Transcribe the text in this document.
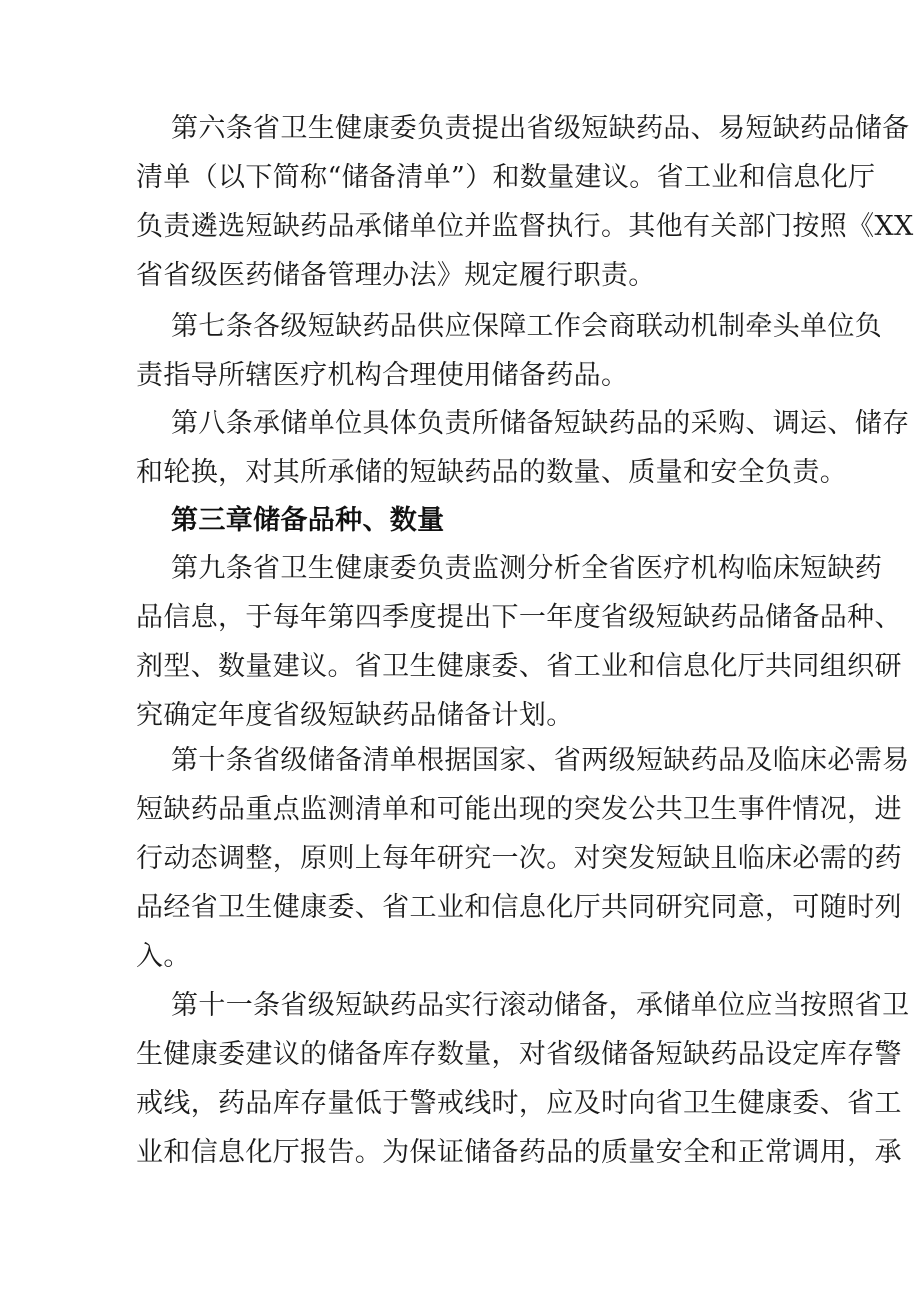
第六条省卫生健康委负责提出省级短缺药品、易短缺药品储备
清单（以下简称“储备清单”）和数量建议。省工业和信息化厅
负责遴选短缺药品承储单位并监督执行。其他有关部门按照《XX
省省级医药储备管理办法》规定履行职责。
第七条各级短缺药品供应保障工作会商联动机制牵头单位负
责指导所辖医疗机构合理使用储备药品。
第八条承储单位具体负责所储备短缺药品的采购、调运、储存
和轮换，对其所承储的短缺药品的数量、质量和安全负责。
第三章储备品种、数量
第九条省卫生健康委负责监测分析全省医疗机构临床短缺药
品信息，于每年第四季度提出下一年度省级短缺药品储备品种、
剂型、数量建议。省卫生健康委、省工业和信息化厅共同组织研
究确定年度省级短缺药品储备计划。
第十条省级储备清单根据国家、省两级短缺药品及临床必需易
短缺药品重点监测清单和可能出现的突发公共卫生事件情况，进
行动态调整，原则上每年研究一次。对突发短缺且临床必需的药
品经省卫生健康委、省工业和信息化厅共同研究同意，可随时列
入。
第十一条省级短缺药品实行滚动储备，承储单位应当按照省卫
生健康委建议的储备库存数量，对省级储备短缺药品设定库存警
戒线，药品库存量低于警戒线时，应及时向省卫生健康委、省工
业和信息化厅报告。为保证储备药品的质量安全和正常调用，承
